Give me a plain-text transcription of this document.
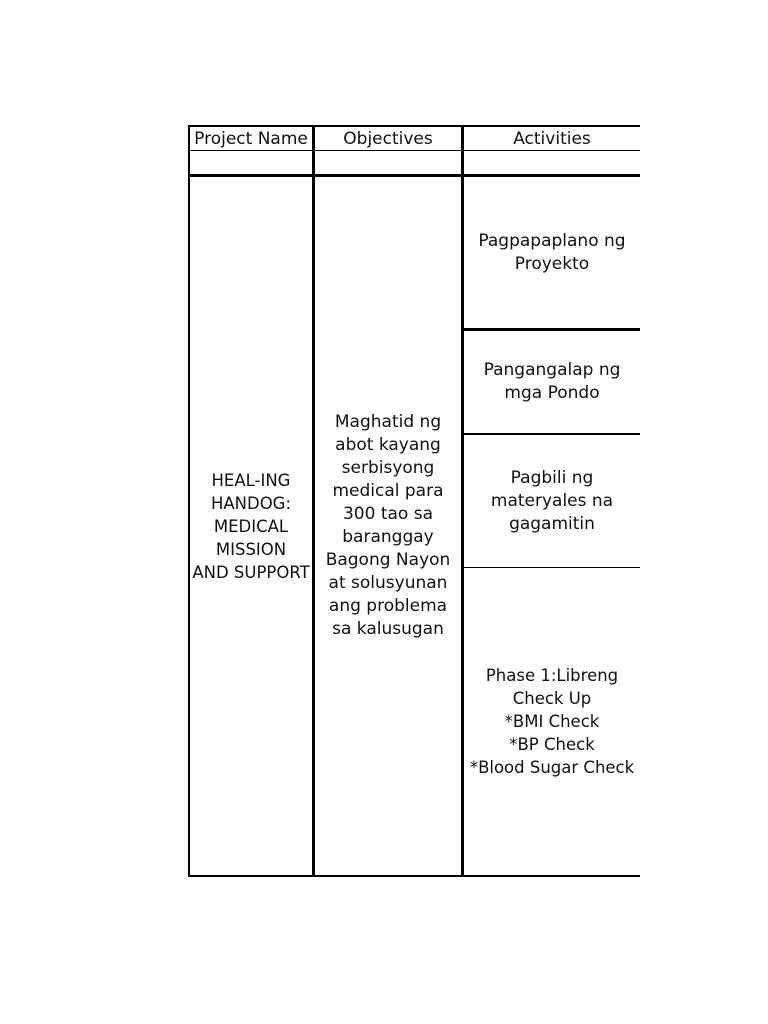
Project Name	Objectives	Activities
HEAL-ING
HANDOG:
MEDICAL
MISSION
AND SUPPORT
Maghatid ng
abot kayang
serbisyong
medical para
300 tao sa
baranggay
Bagong Nayon
at solusyunan
ang problema
sa kalusugan
Pagpapaplano ng
Proyekto
Pangangalap ng
mga Pondo
Pagbili ng
materyales na
gagamitin
Phase 1:Libreng
Check Up
*BMI Check
*BP Check
*Blood Sugar Check
